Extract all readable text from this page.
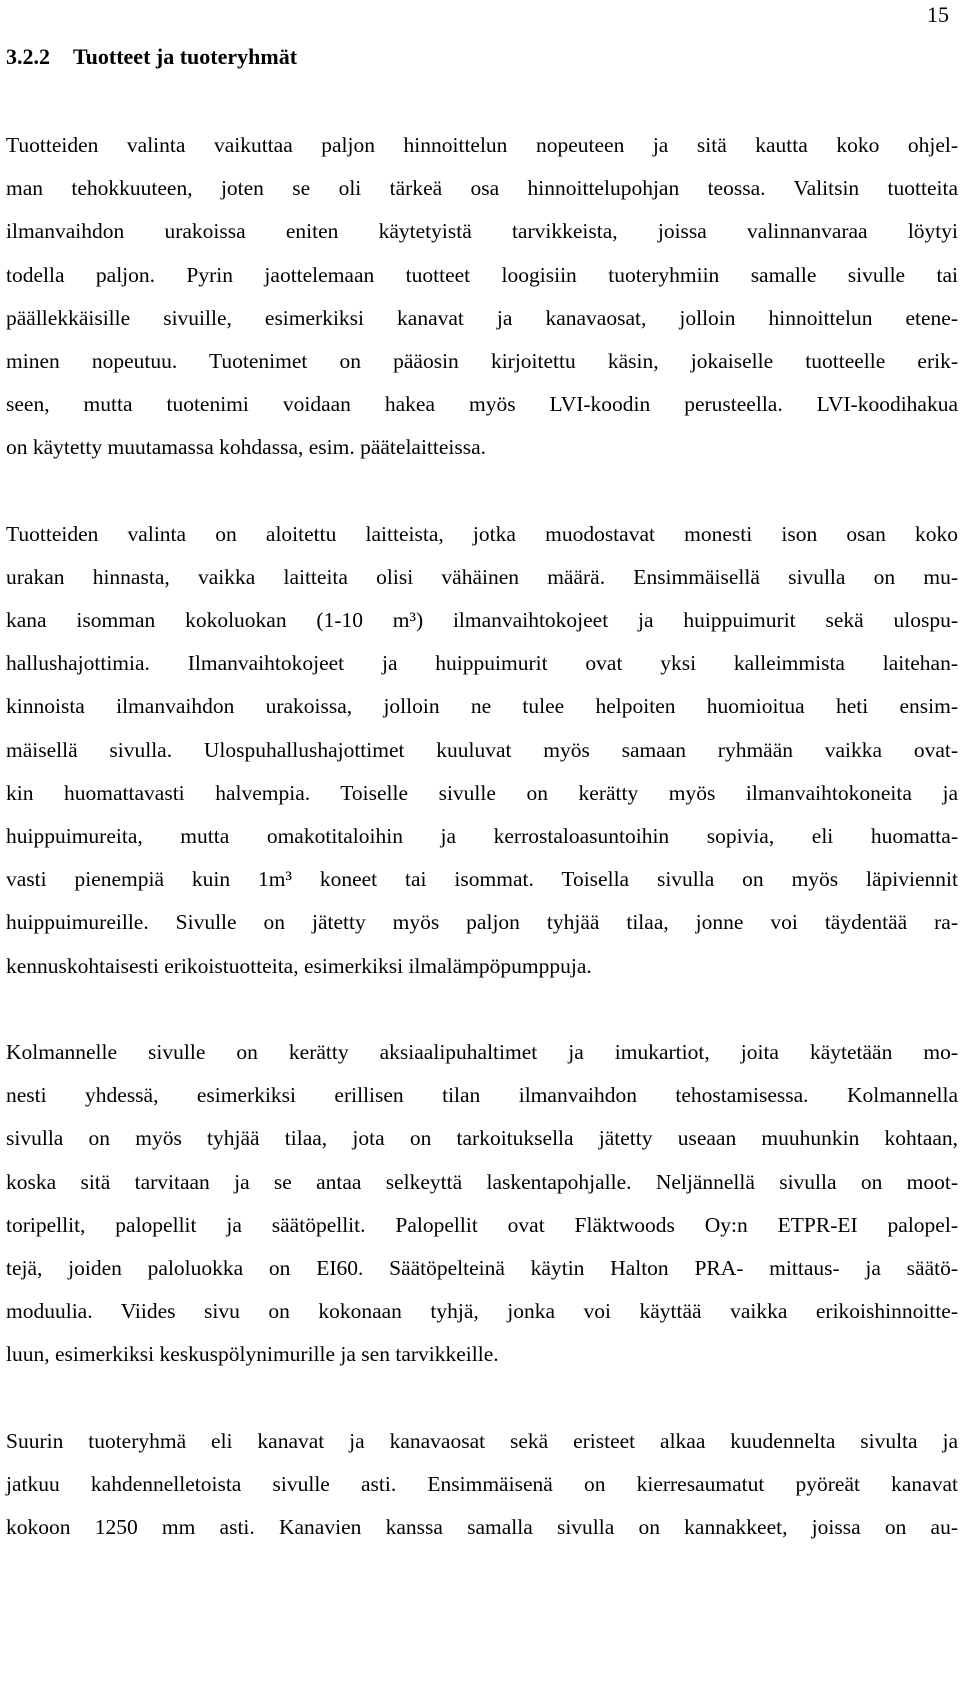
15
3.2.2 Tuotteet ja tuoteryhmät
Tuotteiden valinta vaikuttaa paljon hinnoittelun nopeuteen ja sitä kautta koko ohjel-
man tehokkuuteen, joten se oli tärkeä osa hinnoittelupohjan teossa. Valitsin tuotteita
ilmanvaihdon urakoissa eniten käytetyistä tarvikkeista, joissa valinnanvaraa löytyi
todella paljon. Pyrin jaottelemaan tuotteet loogisiin tuoteryhmiin samalle sivulle tai
päällekkäisille sivuille, esimerkiksi kanavat ja kanavaosat, jolloin hinnoittelun etene-
minen nopeutuu. Tuotenimet on pääosin kirjoitettu käsin, jokaiselle tuotteelle erik-
seen, mutta tuotenimi voidaan hakea myös LVI-koodin perusteella. LVI-koodihakua
on käytetty muutamassa kohdassa, esim. päätelaitteissa.
Tuotteiden valinta on aloitettu laitteista, jotka muodostavat monesti ison osan koko
urakan hinnasta, vaikka laitteita olisi vähäinen määrä. Ensimmäisellä sivulla on mu-
kana isomman kokoluokan (1-10 m³) ilmanvaihtokojeet ja huippuimurit sekä ulospu-
hallushajottimia. Ilmanvaihtokojeet ja huippuimurit ovat yksi kalleimmista laitehan-
kinnoista ilmanvaihdon urakoissa, jolloin ne tulee helpoiten huomioitua heti ensim-
mäisellä sivulla. Ulospuhallushajottimet kuuluvat myös samaan ryhmään vaikka ovat-
kin huomattavasti halvempia. Toiselle sivulle on kerätty myös ilmanvaihtokoneita ja
huippuimureita, mutta omakotitaloihin ja kerrostaloasuntoihin sopivia, eli huomatta-
vasti pienempiä kuin 1m³ koneet tai isommat. Toisella sivulla on myös läpiviennit
huippuimureille. Sivulle on jätetty myös paljon tyhjää tilaa, jonne voi täydentää ra-
kennuskohtaisesti erikoistuotteita, esimerkiksi ilmalämpöpumppuja.
Kolmannelle sivulle on kerätty aksiaalipuhaltimet ja imukartiot, joita käytetään mo-
nesti yhdessä, esimerkiksi erillisen tilan ilmanvaihdon tehostamisessa. Kolmannella
sivulla on myös tyhjää tilaa, jota on tarkoituksella jätetty useaan muuhunkin kohtaan,
koska sitä tarvitaan ja se antaa selkeyttä laskentapohjalle. Neljännellä sivulla on moot-
toripellit, palopellit ja säätöpellit. Palopellit ovat Fläktwoods Oy:n ETPR-EI palopel-
tejä, joiden paloluokka on EI60. Säätöpelteinä käytin Halton PRA- mittaus- ja säätö-
moduulia. Viides sivu on kokonaan tyhjä, jonka voi käyttää vaikka erikoishinnoitte-
luun, esimerkiksi keskuspölynimurille ja sen tarvikkeille.
Suurin tuoteryhmä eli kanavat ja kanavaosat sekä eristeet alkaa kuudennelta sivulta ja
jatkuu kahdennelletoista sivulle asti. Ensimmäisenä on kierresaumatut pyöreät kanavat
kokoon 1250 mm asti. Kanavien kanssa samalla sivulla on kannakkeet, joissa on au-
